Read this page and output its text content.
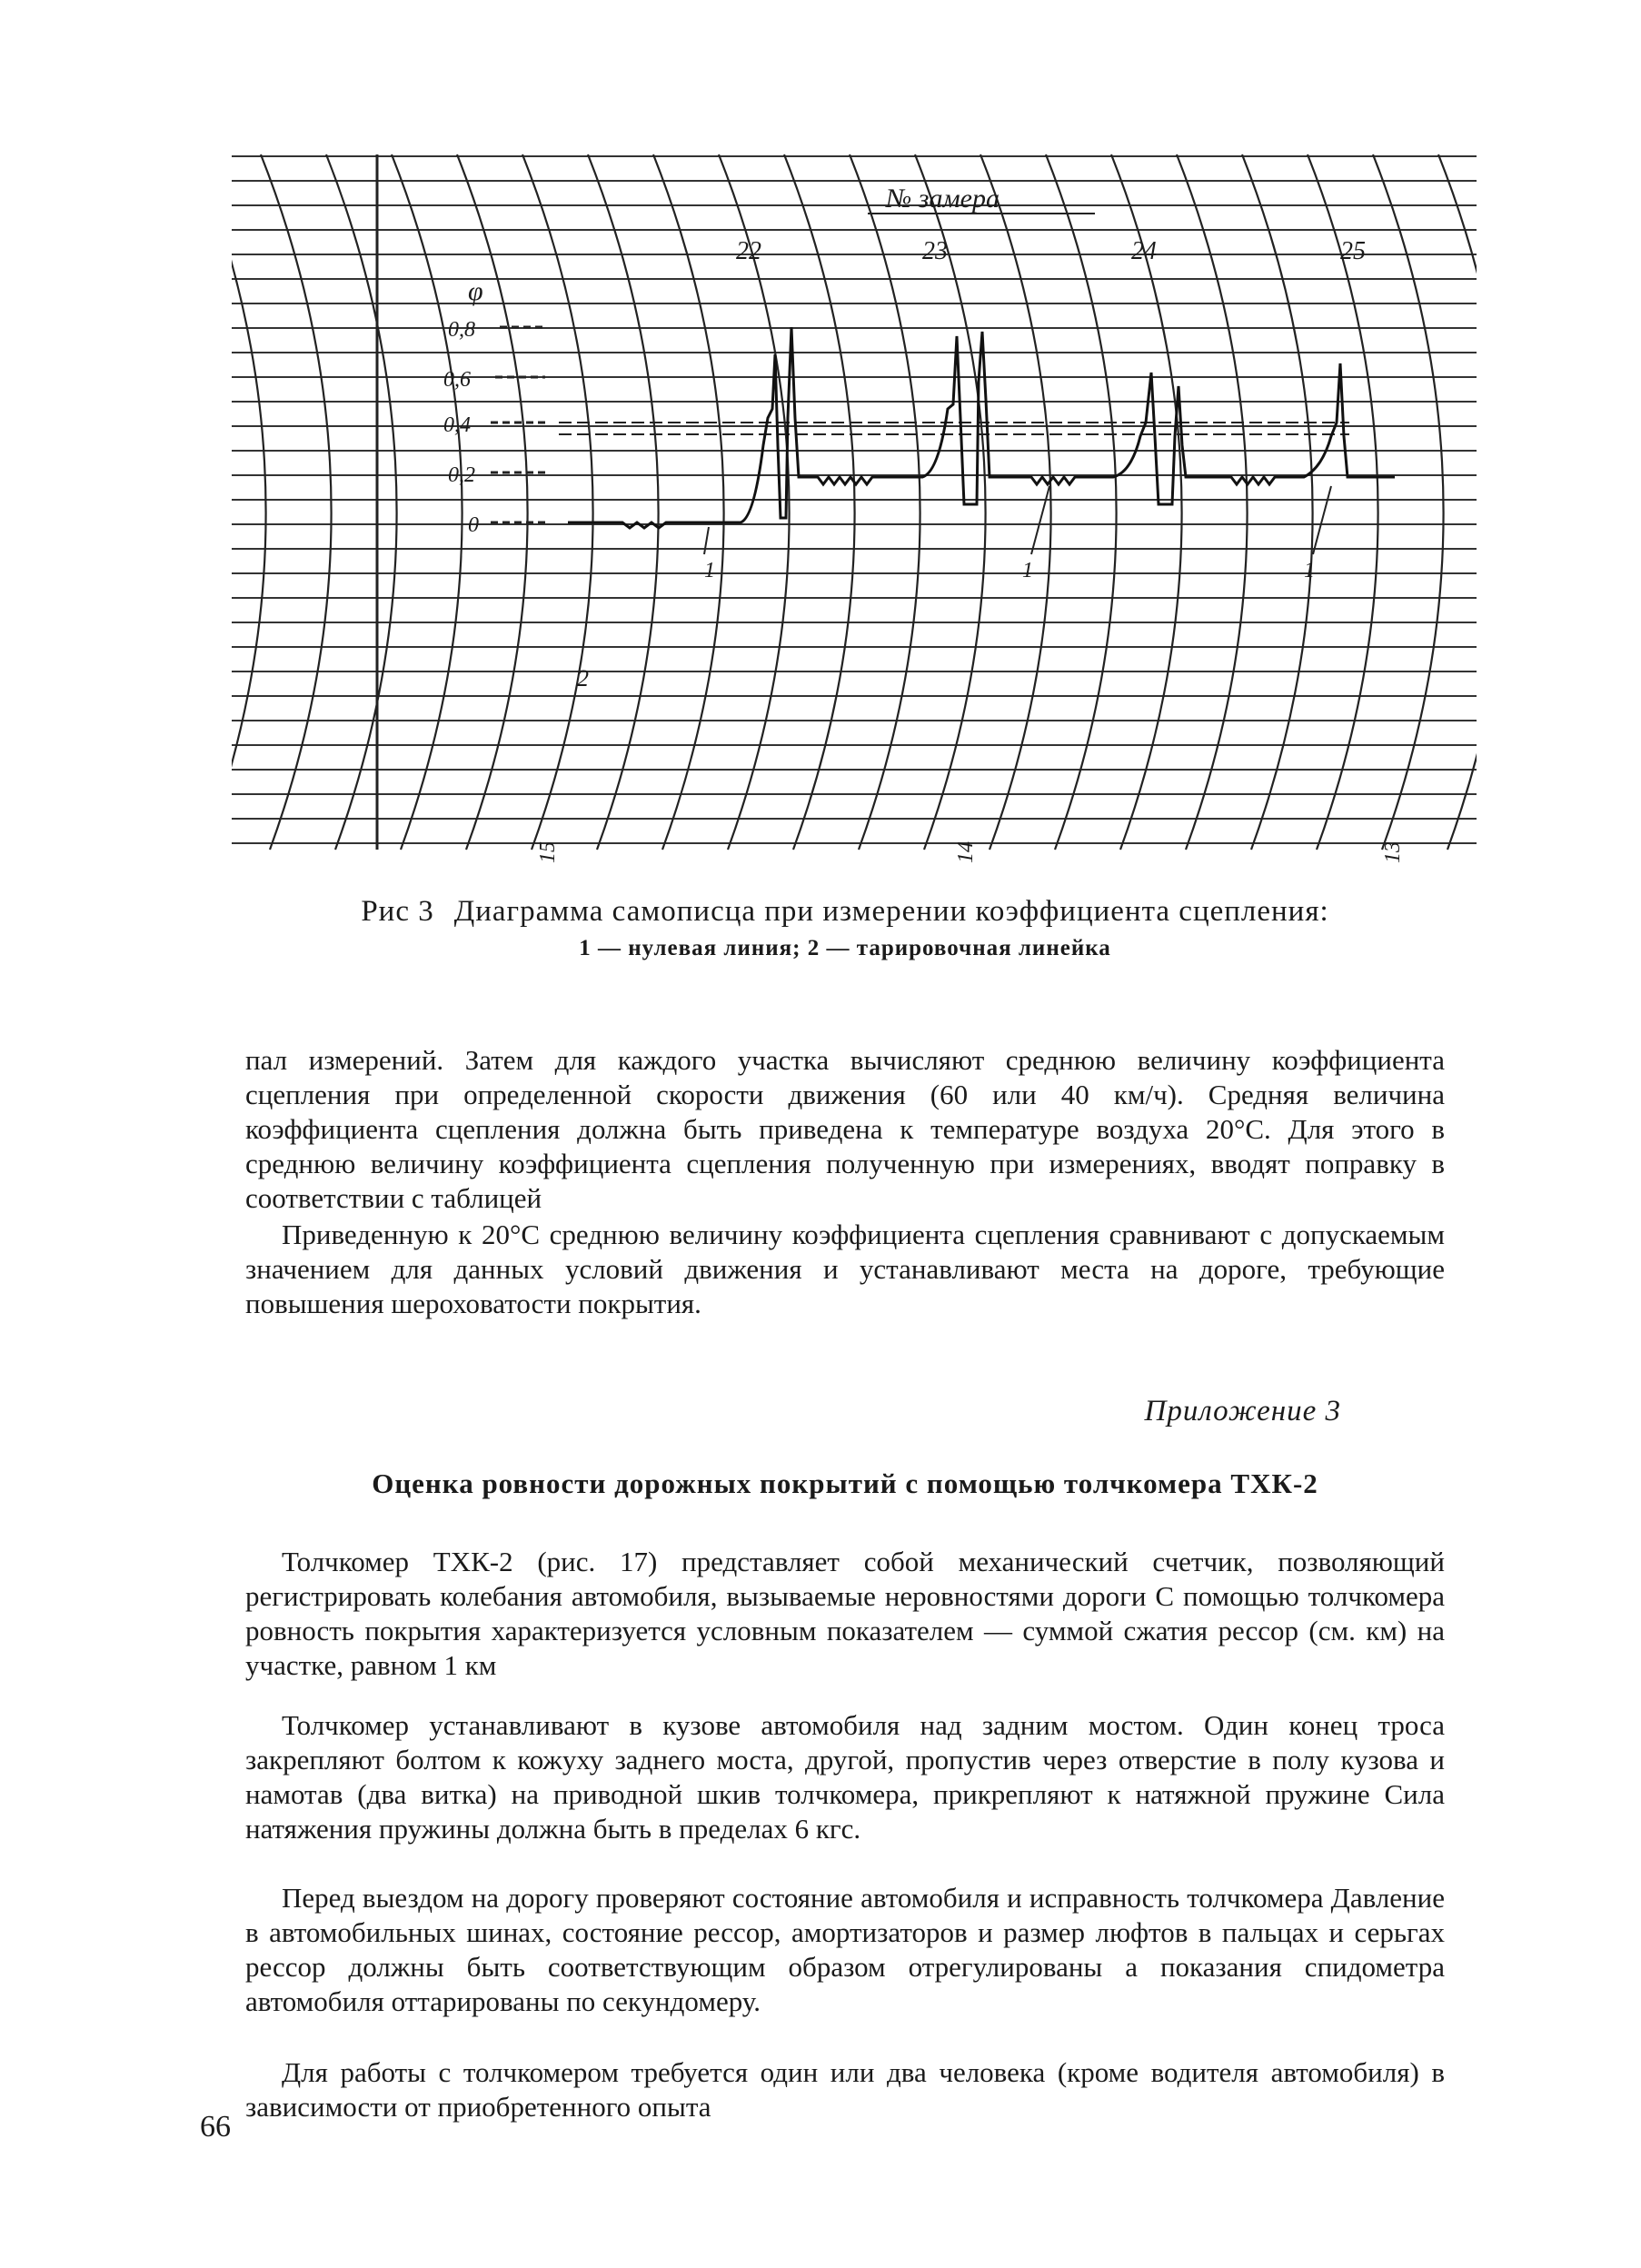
№ замера
φ
0,8
0,6
0,4
0,2
0
22	23	24	25
1	1	1
2
15	14	13
Рис 3 Диаграмма самописца при измерении коэффициента сцепления:
1 — нулевая линия; 2 — тарировочная линейка

пал измерений. Затем для каждого участка вычисляют среднюю величину коэффициента сцепления при определенной скорости движения (60 или 40 км/ч). Средняя величина коэффициента сцепления должна быть приведена к температуре воздуха 20°С. Для этого в среднюю величину коэффициента сцепления полученную при измерениях, вводят поправку в соответствии с таблицей

Приведенную к 20°С среднюю величину коэффициента сцепления сравнивают с допускаемым значением для данных условий движения и устанавливают места на дороге, требующие повышения шероховатости покрытия.

Приложение 3
Оценка ровности дорожных покрытий с помощью толчкомера ТХК-2

Толчкомер ТХК-2 (рис. 17) представляет собой механический счетчик, позволяющий регистрировать колебания автомобиля, вызываемые неровностями дороги С помощью толчкомера ровность покрытия характеризуется условным показателем — суммой сжатия рессор (см. км) на участке, равном 1 км

Толчкомер устанавливают в кузове автомобиля над задним мостом. Один конец троса закрепляют болтом к кожуху заднего моста, другой, пропустив через отверстие в полу кузова и намотав (два витка) на приводной шкив толчкомера, прикрепляют к натяжной пружине Сила натяжения пружины должна быть в пределах 6 кгс.

Перед выездом на дорогу проверяют состояние автомобиля и исправность толчкомера Давление в автомобильных шинах, состояние рессор, амортизаторов и размер люфтов в пальцах и серьгах рессор должны быть соответствующим образом отрегулированы а показания спидометра автомобиля оттарированы по секундомеру.

Для работы с толчкомером требуется один или два человека (кроме водителя автомобиля) в зависимости от приобретенного опыта

66
